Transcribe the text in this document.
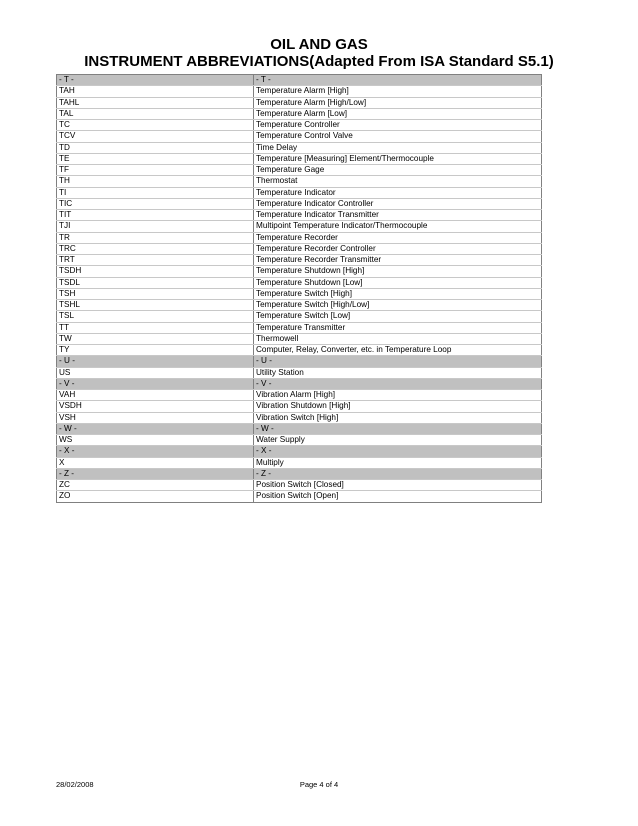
OIL AND GAS
INSTRUMENT ABBREVIATIONS(Adapted From ISA Standard S5.1)
- T -	- T -
TAH	Temperature Alarm [High]
TAHL	Temperature Alarm [High/Low]
TAL	Temperature Alarm [Low]
TC	Temperature Controller
TCV	Temperature Control Valve
TD	Time Delay
TE	Temperature [Measuring] Element/Thermocouple
TF	Temperature Gage
TH	Thermostat
TI	Temperature Indicator
TIC	Temperature Indicator Controller
TIT	Temperature Indicator Transmitter
TJI	Multipoint Temperature Indicator/Thermocouple
TR	Temperature Recorder
TRC	Temperature Recorder Controller
TRT	Temperature Recorder Transmitter
TSDH	Temperature Shutdown [High]
TSDL	Temperature Shutdown [Low]
TSH	Temperature Switch [High]
TSHL	Temperature Switch [High/Low]
TSL	Temperature Switch [Low]
TT	Temperature Transmitter
TW	Thermowell
TY	Computer, Relay, Converter, etc. in Temperature Loop
- U -	- U -
US	Utility Station
- V -	- V -
VAH	Vibration Alarm [High]
VSDH	Vibration Shutdown [High]
VSH	Vibration Switch [High]
- W -	- W -
WS	Water Supply
- X -	- X -
X	Multiply
- Z -	- Z -
ZC	Position Switch [Closed]
ZO	Position Switch [Open]
28/02/2008	Page 4 of 4
